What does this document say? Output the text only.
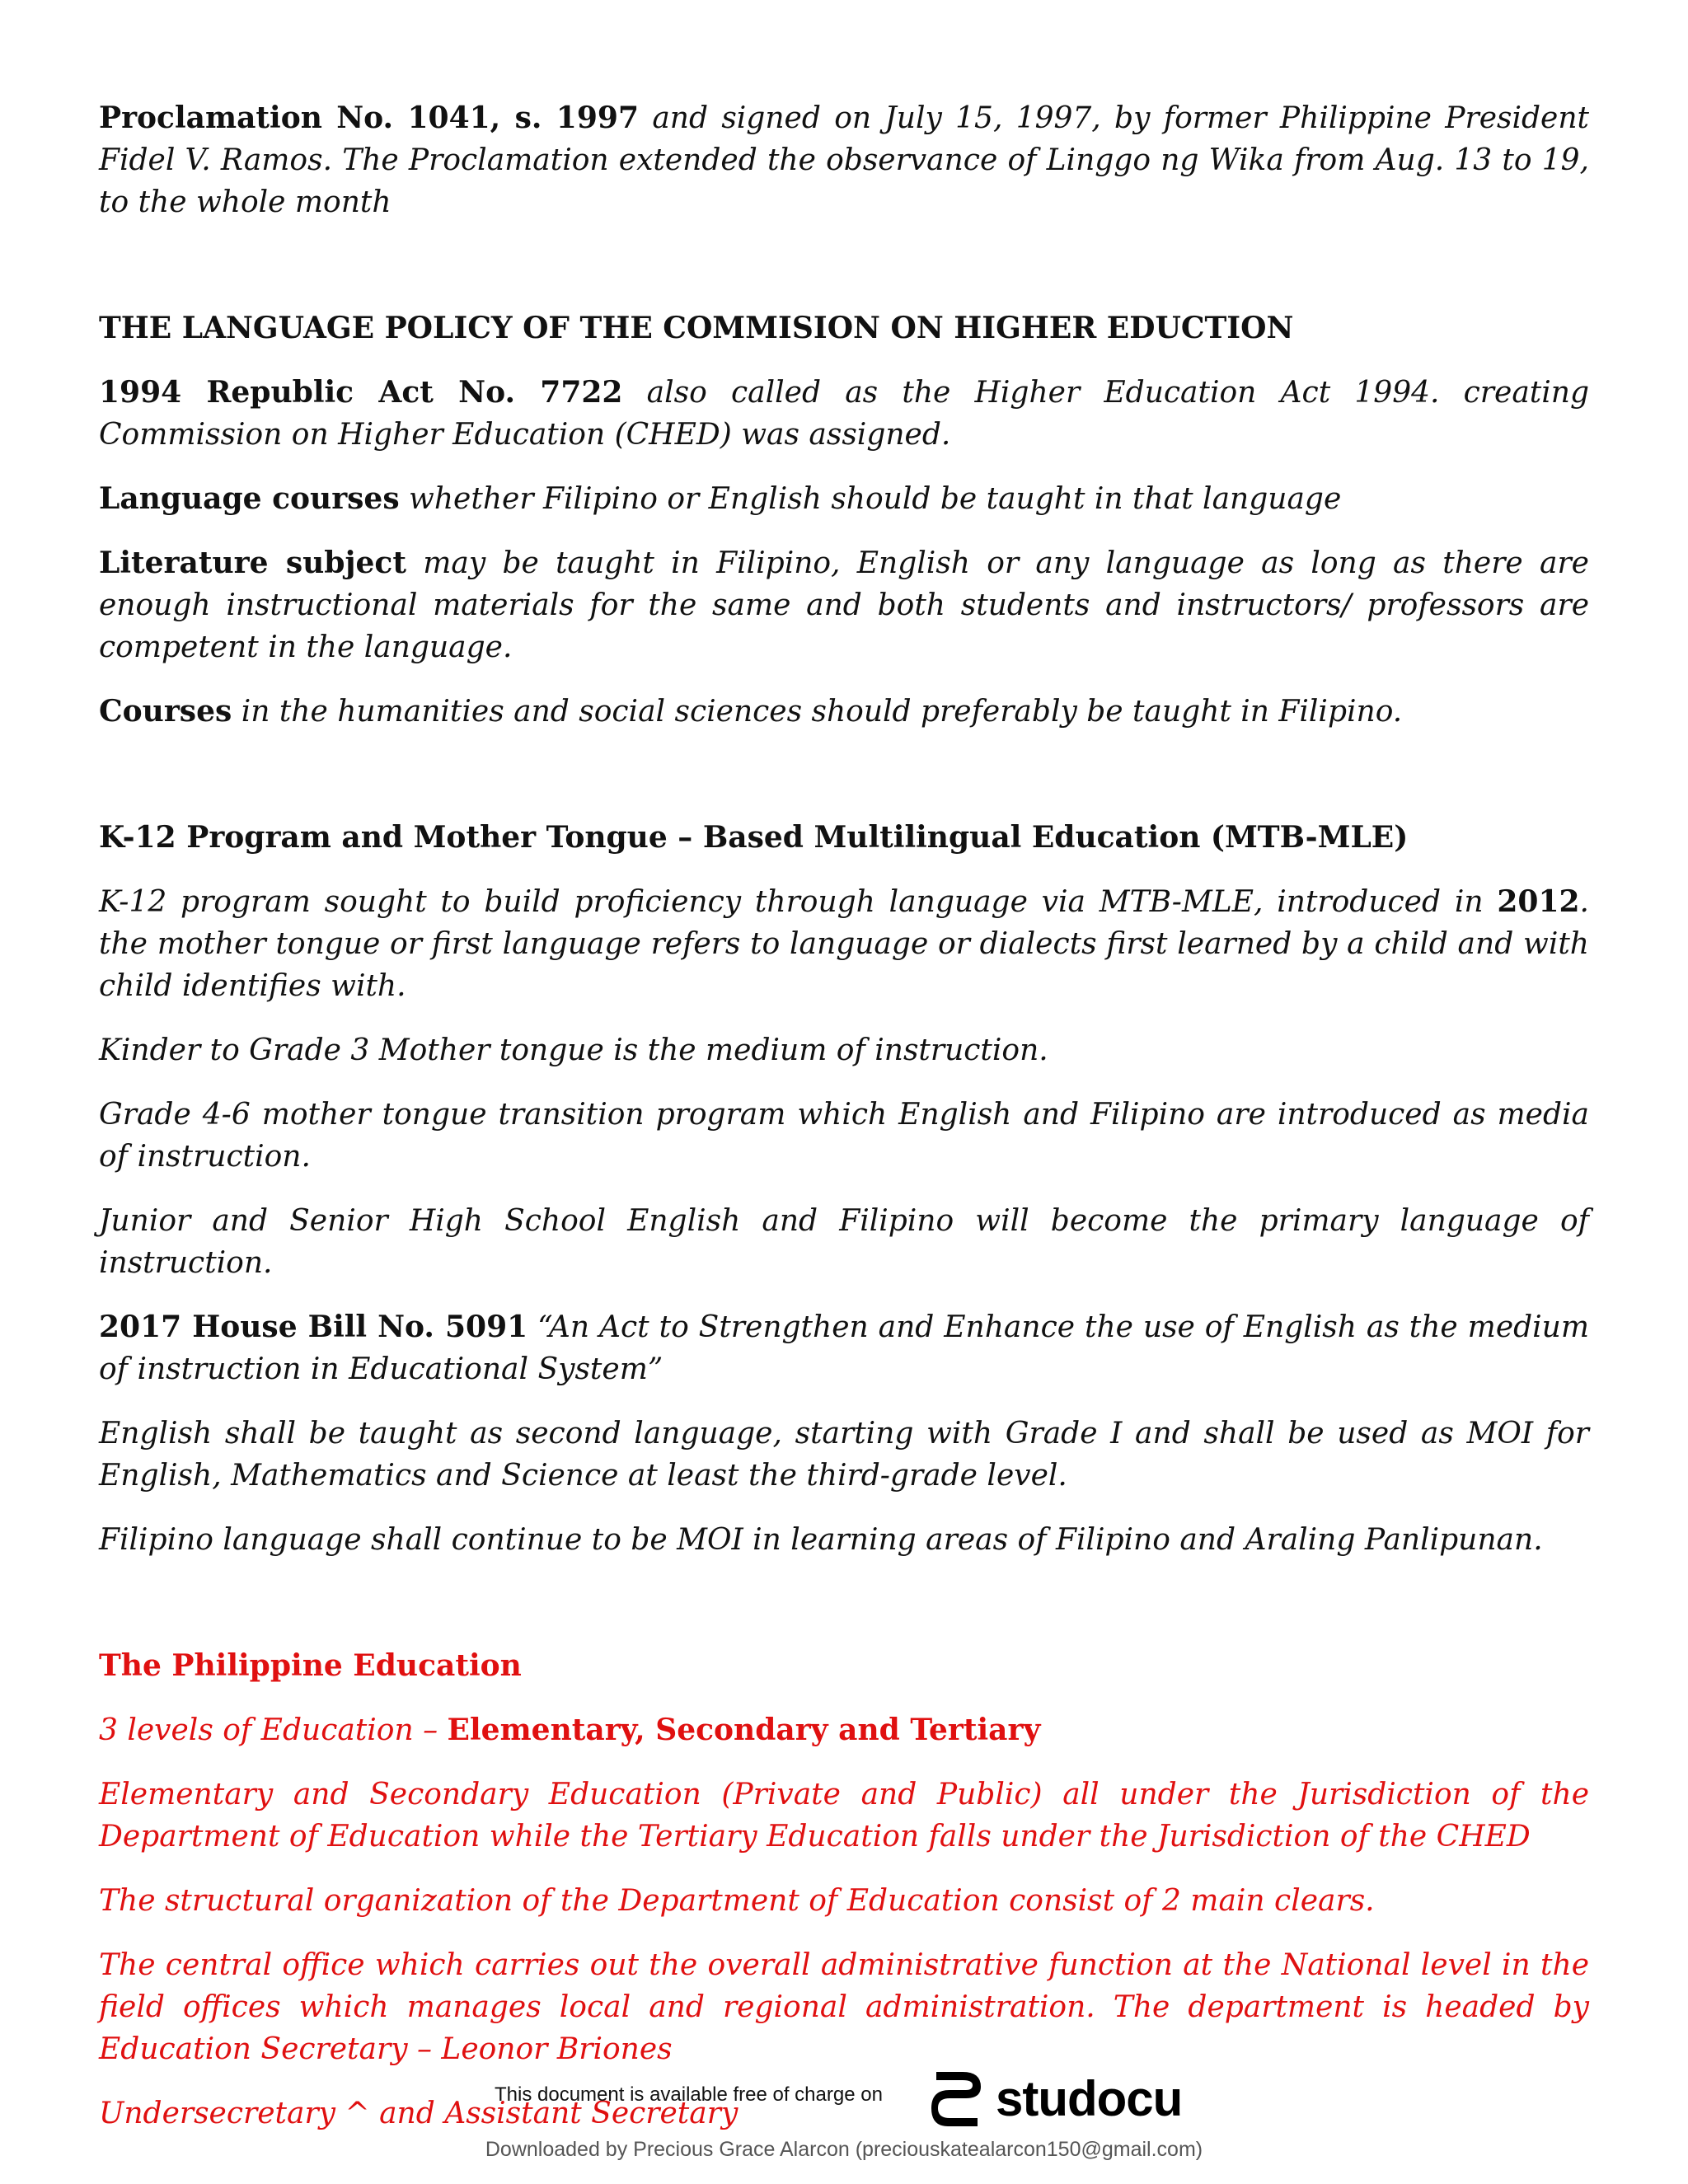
Proclamation No. 1041, s. 1997 and signed on July 15, 1997, by former Philippine President Fidel V. Ramos. The Proclamation extended the observance of Linggo ng Wika from Aug. 13 to 19, to the whole month

THE LANGUAGE POLICY OF THE COMMISION ON HIGHER EDUCTION

1994 Republic Act No. 7722 also called as the Higher Education Act 1994. creating Commission on Higher Education (CHED) was assigned.

Language courses whether Filipino or English should be taught in that language

Literature subject may be taught in Filipino, English or any language as long as there are enough instructional materials for the same and both students and instructors/ professors are competent in the language.

Courses in the humanities and social sciences should preferably be taught in Filipino.

K-12 Program and Mother Tongue – Based Multilingual Education (MTB-MLE)

K-12 program sought to build proficiency through language via MTB-MLE, introduced in 2012. the mother tongue or first language refers to language or dialects first learned by a child and with child identifies with.

Kinder to Grade 3 Mother tongue is the medium of instruction.

Grade 4-6 mother tongue transition program which English and Filipino are introduced as media of instruction.

Junior and Senior High School English and Filipino will become the primary language of instruction.

2017 House Bill No. 5091 “An Act to Strengthen and Enhance the use of English as the medium of instruction in Educational System”

English shall be taught as second language, starting with Grade I and shall be used as MOI for English, Mathematics and Science at least the third-grade level.

Filipino language shall continue to be MOI in learning areas of Filipino and Araling Panlipunan.

The Philippine Education

3 levels of Education – Elementary, Secondary and Tertiary

Elementary and Secondary Education (Private and Public) all under the Jurisdiction of the Department of Education while the Tertiary Education falls under the Jurisdiction of the CHED

The structural organization of the Department of Education consist of 2 main clears.

The central office which carries out the overall administrative function at the National level in the field offices which manages local and regional administration. The department is headed by Education Secretary – Leonor Briones

Undersecretary ^ and Assistant Secretary

This document is available free of charge on studocu
Downloaded by Precious Grace Alarcon (preciouskatealarcon150@gmail.com)
